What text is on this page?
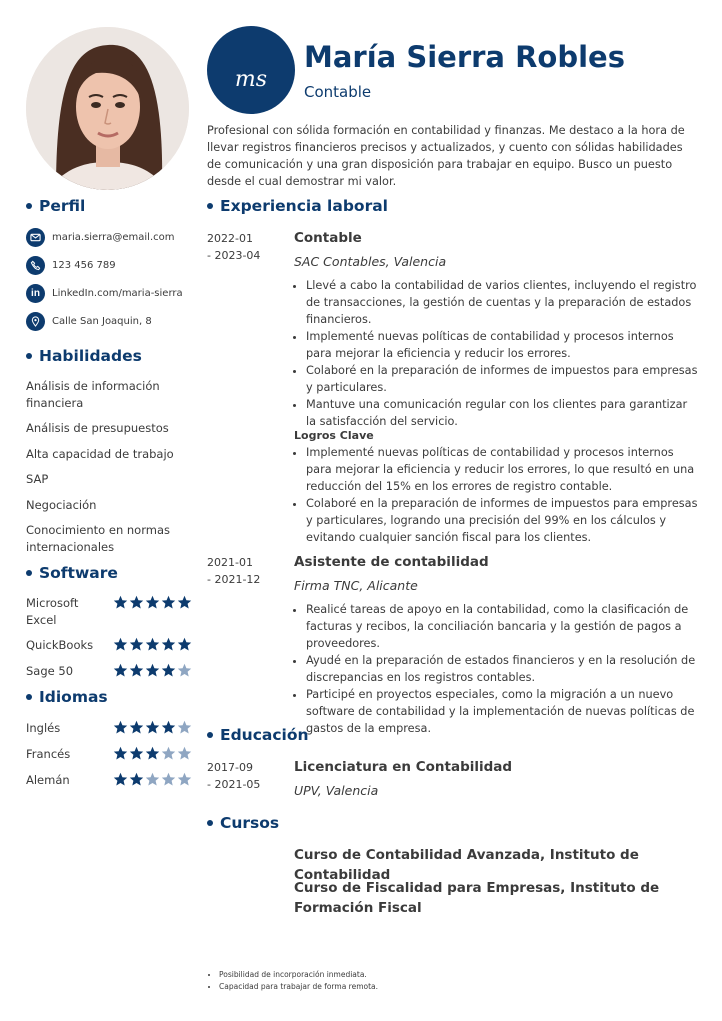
Perfil
maria.sierra@email.com
123 456 789
in LinkedIn.com/maria-sierra
Calle San Joaquin, 8
Habilidades
Análisis de información financiera
Análisis de presupuestos
Alta capacidad de trabajo
SAP
Negociación
Conocimiento en normas internacionales
Software
Microsoft Excel
QuickBooks
Sage 50
Idiomas
Inglés
Francés
Alemán
ms
María Sierra Robles
Contable
Profesional con sólida formación en contabilidad y finanzas. Me destaco a la hora de llevar registros financieros precisos y actualizados, y cuento con sólidas habilidades de comunicación y una gran disposición para trabajar en equipo. Busco un puesto desde el cual demostrar mi valor.
Experiencia laboral
2022-01
- 2023-04
Contable
SAC Contables, Valencia
• Llevé a cabo la contabilidad de varios clientes, incluyendo el registro de transacciones, la gestión de cuentas y la preparación de estados financieros.
• Implementé nuevas políticas de contabilidad y procesos internos para mejorar la eficiencia y reducir los errores.
• Colaboré en la preparación de informes de impuestos para empresas y particulares.
• Mantuve una comunicación regular con los clientes para garantizar la satisfacción del servicio.
Logros Clave
• Implementé nuevas políticas de contabilidad y procesos internos para mejorar la eficiencia y reducir los errores, lo que resultó en una reducción del 15% en los errores de registro contable.
• Colaboré en la preparación de informes de impuestos para empresas y particulares, logrando una precisión del 99% en los cálculos y evitando cualquier sanción fiscal para los clientes.
2021-01
- 2021-12
Asistente de contabilidad
Firma TNC, Alicante
• Realicé tareas de apoyo en la contabilidad, como la clasificación de facturas y recibos, la conciliación bancaria y la gestión de pagos a proveedores.
• Ayudé en la preparación de estados financieros y en la resolución de discrepancias en los registros contables.
• Participé en proyectos especiales, como la migración a un nuevo software de contabilidad y la implementación de nuevas políticas de gastos de la empresa.
Educación
2017-09
- 2021-05
Licenciatura en Contabilidad
UPV, Valencia
Cursos
Curso de Contabilidad Avanzada, Instituto de Contabilidad
Curso de Fiscalidad para Empresas, Instituto de Formación Fiscal
• Posibilidad de incorporación inmediata.
• Capacidad para trabajar de forma remota.
